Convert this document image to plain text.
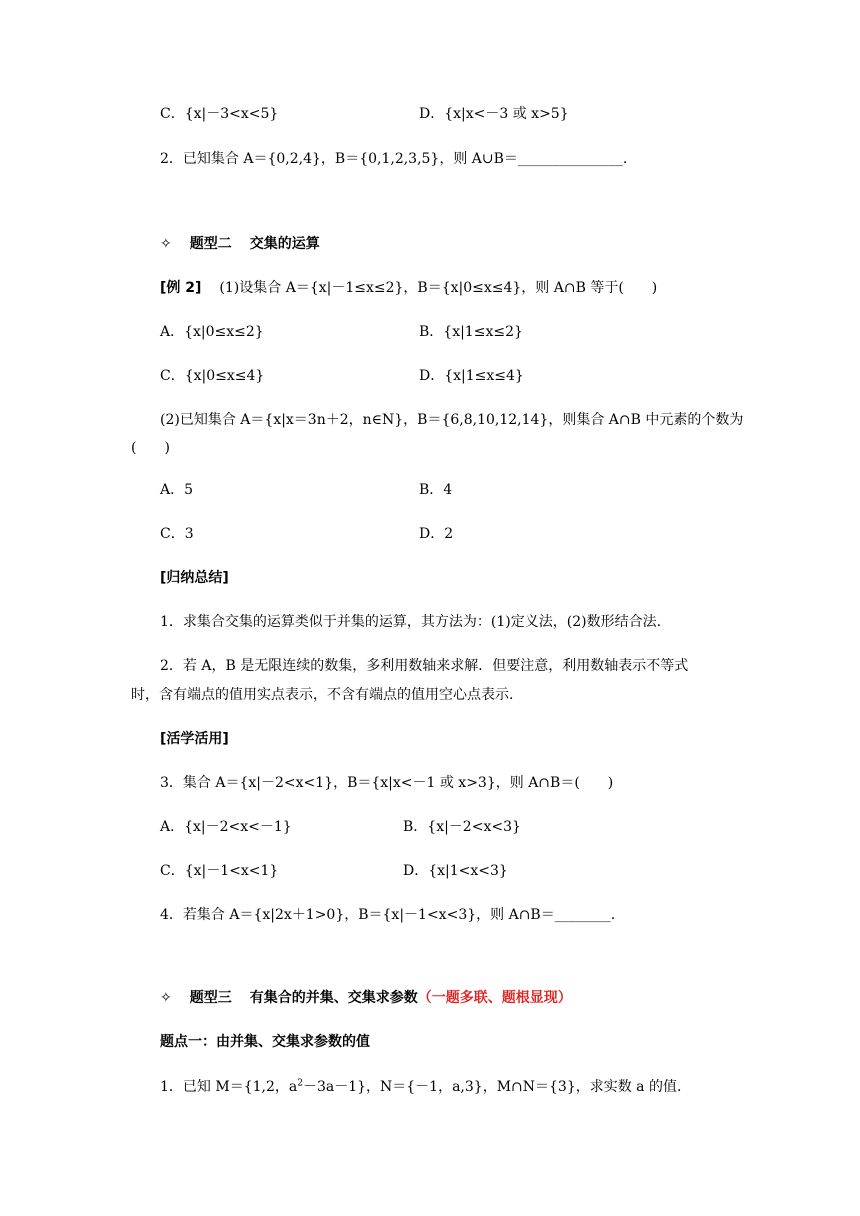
C．{x|－3<x<5}	D．{x|x<－3 或 x>5}
2．已知集合 A＝{0,2,4}，B＝{0,1,2,3,5}，则 A∪B＝_______________.
✧ 题型二 交集的运算
[例 2] (1)设集合 A＝{x|－1≤x≤2}，B＝{x|0≤x≤4}，则 A∩B 等于(　　)
A．{x|0≤x≤2}	B．{x|1≤x≤2}
C．{x|0≤x≤4}	D．{x|1≤x≤4}
(2)已知集合 A＝{x|x＝3n＋2，n∈N}，B＝{6,8,10,12,14}，则集合 A∩B 中元素的个数为
(　　)
A．5	B．4
C．3	D．2
[归纳总结]
1．求集合交集的运算类似于并集的运算，其方法为：(1)定义法，(2)数形结合法.
2．若 A，B 是无限连续的数集，多利用数轴来求解．但要注意，利用数轴表示不等式
时，含有端点的值用实点表示，不含有端点的值用空心点表示.
[活学活用]
3．集合 A＝{x|－2<x<1}，B＝{x|x<－1 或 x>3}，则 A∩B＝(　　)
A．{x|－2<x<－1}	B．{x|－2<x<3}
C．{x|－1<x<1}	D．{x|1<x<3}
4．若集合 A＝{x|2x＋1>0}，B＝{x|－1<x<3}，则 A∩B＝________.
✧ 题型三 有集合的并集、交集求参数（一题多联、题根显现）
题点一：由并集、交集求参数的值
1．已知 M＝{1,2，$a^2-3a-1$}，N＝{－1，a,3}，M∩N＝{3}，求实数 a 的值.
